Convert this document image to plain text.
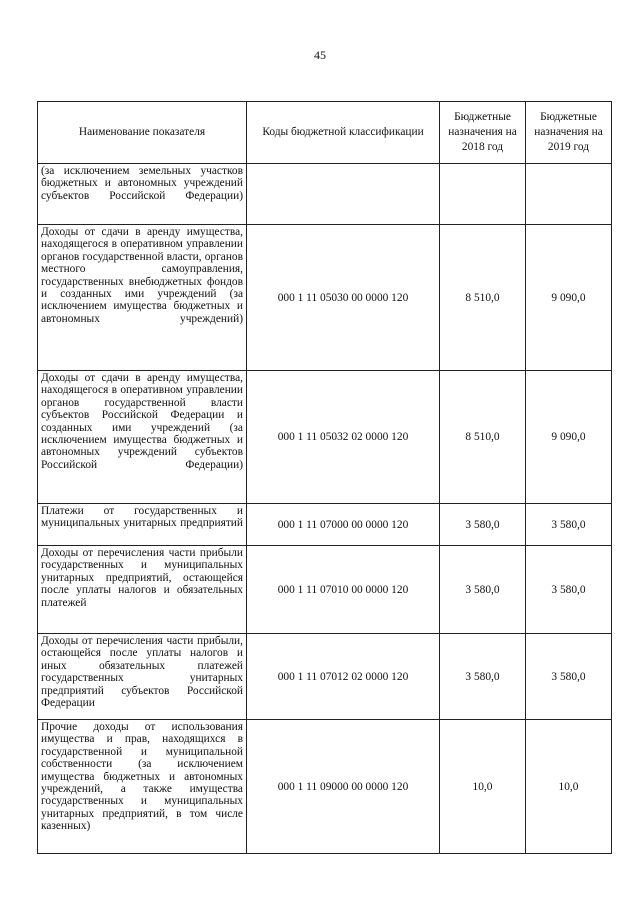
45
Наименование показателя	Коды бюджетной классификации	Бюджетные назначения на 2018 год	Бюджетные назначения на 2019 год
(за исключением земельных участков бюджетных и автономных учреждений субъектов Российской Федерации)			
Доходы от сдачи в аренду имущества, находящегося в оперативном управлении органов государственной власти, органов местного самоуправления, государственных внебюджетных фондов и созданных ими учреждений (за исключением имущества бюджетных и автономных учреждений)	000 1 11 05030 00 0000 120	8 510,0	9 090,0
Доходы от сдачи в аренду имущества, находящегося в оперативном управлении органов государственной власти субъектов Российской Федерации и созданных ими учреждений (за исключением имущества бюджетных и автономных учреждений субъектов Российской Федерации)	000 1 11 05032 02 0000 120	8 510,0	9 090,0
Платежи от государственных и муниципальных унитарных предприятий	000 1 11 07000 00 0000 120	3 580,0	3 580,0
Доходы от перечисления части прибыли государственных и муниципальных унитарных предприятий, остающейся после уплаты налогов и обязательных платежей	000 1 11 07010 00 0000 120	3 580,0	3 580,0
Доходы от перечисления части прибыли, остающейся после уплаты налогов и иных обязательных платежей государственных унитарных предприятий субъектов Российской Федерации	000 1 11 07012 02 0000 120	3 580,0	3 580,0
Прочие доходы от использования имущества и прав, находящихся в государственной и муниципальной собственности (за исключением имущества бюджетных и автономных учреждений, а также имущества государственных и муниципальных унитарных предприятий, в том числе казенных)	000 1 11 09000 00 0000 120	10,0	10,0
